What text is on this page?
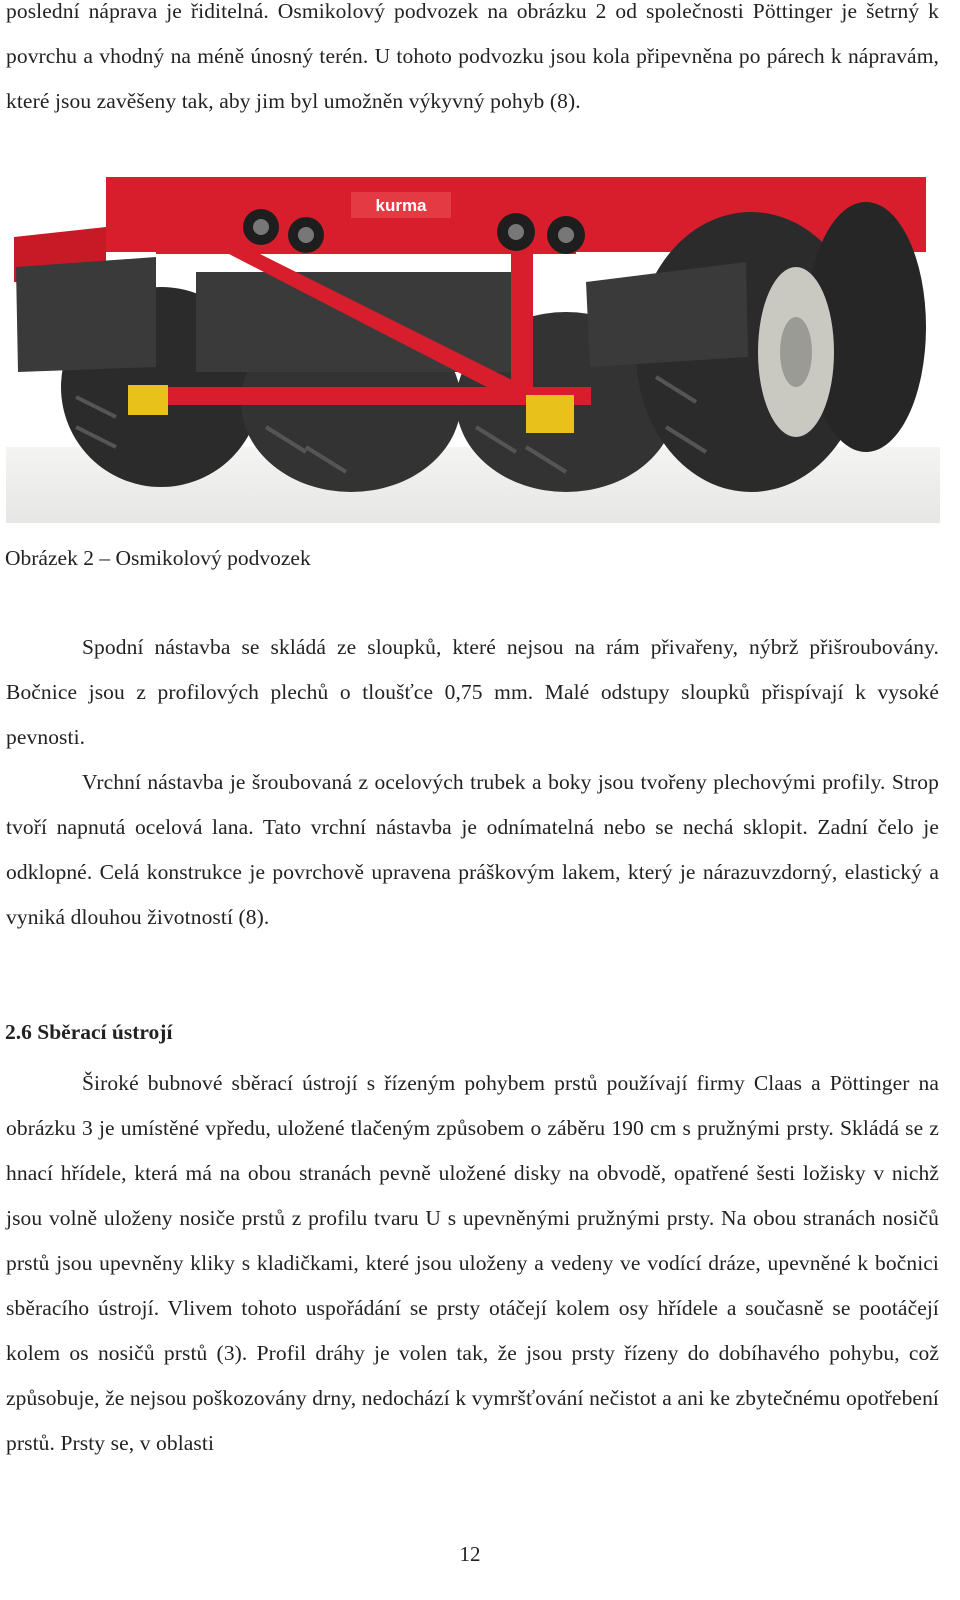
poslední náprava je řiditelná. Osmikolový podvozek na obrázku 2 od společnosti Pöttinger je šetrný k povrchu a vhodný na méně únosný terén. U tohoto podvozku jsou kola připevněna po párech k nápravám, které jsou zavěšeny tak, aby jim byl umožněn výkyvný pohyb (8).

kurma
Obrázek 2 – Osmikolový podvozek

Spodní nástavba se skládá ze sloupků, které nejsou na rám přivařeny, nýbrž přišroubovány. Bočnice jsou z profilových plechů o tloušťce 0,75 mm. Malé odstupy sloupků přispívají k vysoké pevnosti.

Vrchní nástavba je šroubovaná z ocelových trubek a boky jsou tvořeny plechovými profily. Strop tvoří napnutá ocelová lana. Tato vrchní nástavba je odnímatelná nebo se nechá sklopit. Zadní čelo je odklopné. Celá konstrukce je povrchově upravena práškovým lakem, který je nárazuvzdorný, elastický a vyniká dlouhou životností (8).

2.6 Sběrací ústrojí

Široké bubnové sběrací ústrojí s řízeným pohybem prstů používají firmy Claas a Pöttinger na obrázku 3 je umístěné vpředu, uložené tlačeným způsobem o záběru 190 cm s pružnými prsty. Skládá se z hnací hřídele, která má na obou stranách pevně uložené disky na obvodě, opatřené šesti ložisky v nichž jsou volně uloženy nosiče prstů z profilu tvaru U s upevněnými pružnými prsty. Na obou stranách nosičů prstů jsou upevněny kliky s kladičkami, které jsou uloženy a vedeny ve vodící dráze, upevněné k bočnici sběracího ústrojí. Vlivem tohoto uspořádání se prsty otáčejí kolem osy hřídele a současně se pootáčejí kolem os nosičů prstů (3). Profil dráhy je volen tak, že jsou prsty řízeny do dobíhavého pohybu, což způsobuje, že nejsou poškozovány drny, nedochází k vymršťování nečistot a ani ke zbytečnému opotřebení prstů. Prsty se, v oblasti

12
